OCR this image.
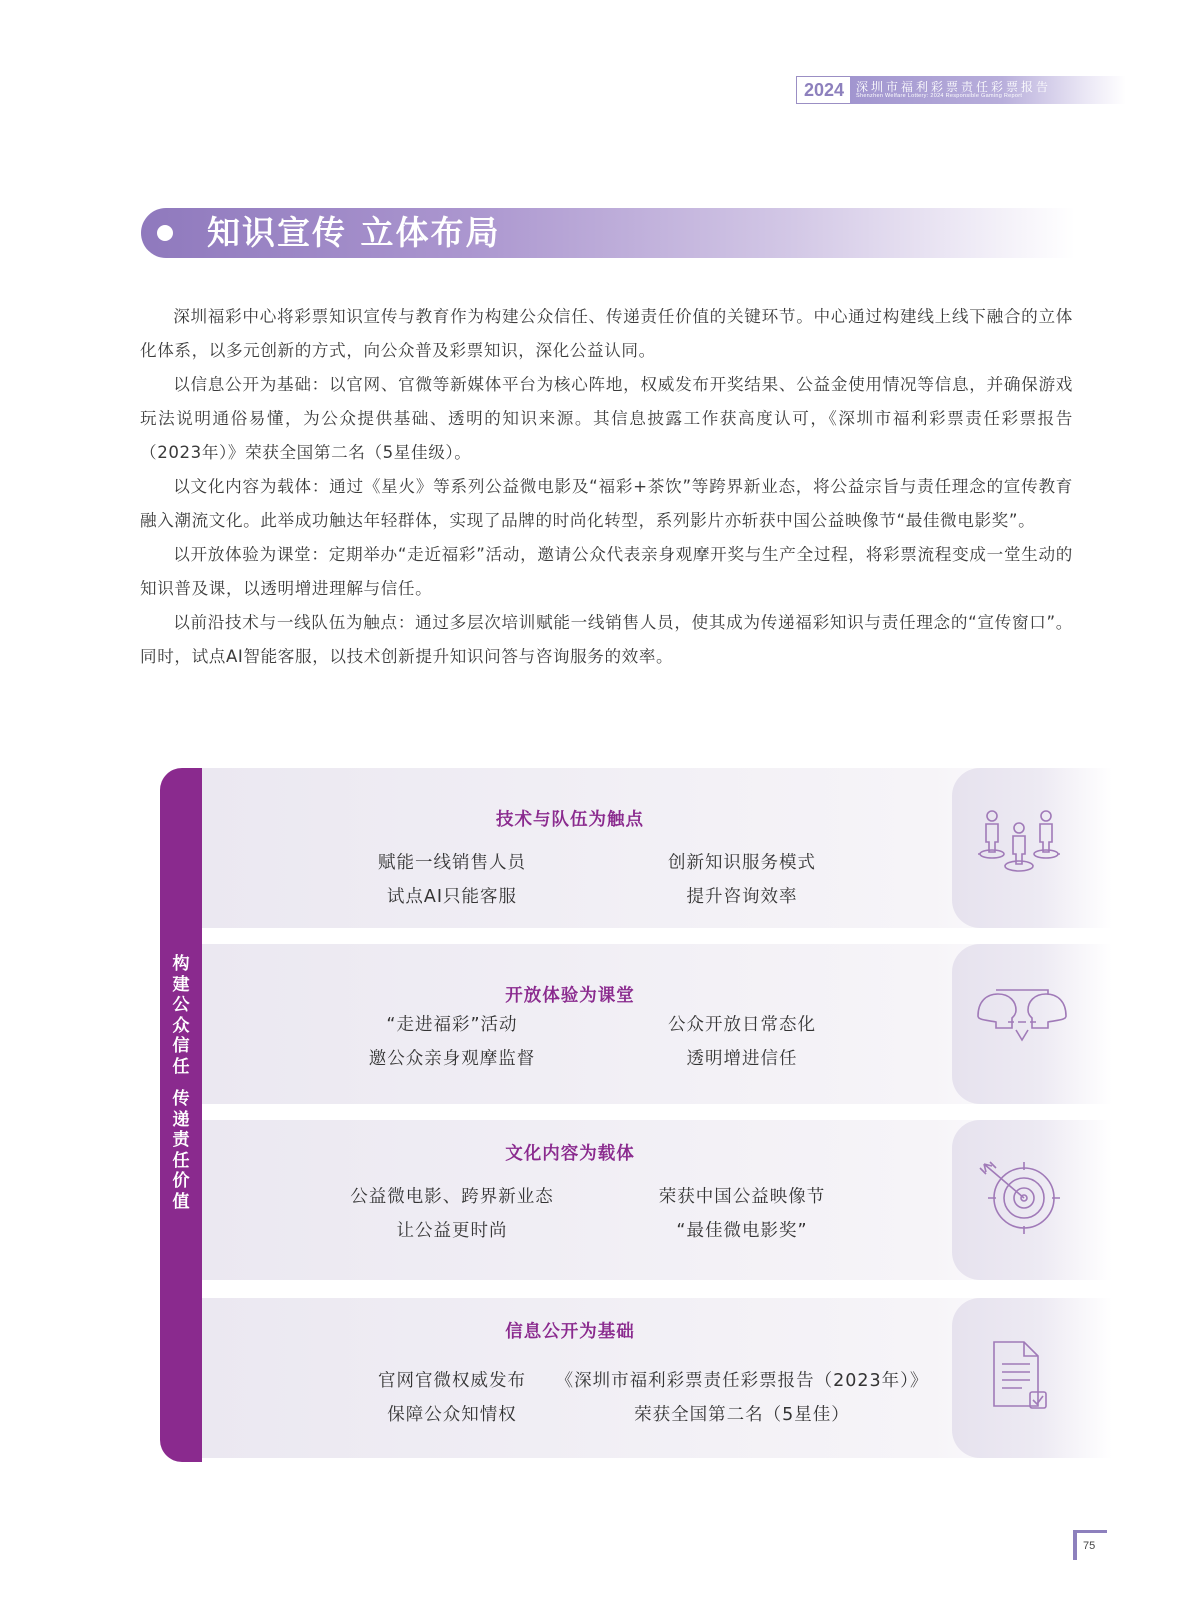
2024 深圳市福利彩票责任彩票报告
Shenzhen Welfare Lottery: 2024 Responsible Gaming Report
知识宣传 立体布局

深圳福彩中心将彩票知识宣传与教育作为构建公众信任、传递责任价值的关键环节。中心通过构建线上线下融合的立体化体系，以多元创新的方式，向公众普及彩票知识，深化公益认同。

以信息公开为基础：以官网、官微等新媒体平台为核心阵地，权威发布开奖结果、公益金使用情况等信息，并确保游戏玩法说明通俗易懂，为公众提供基础、透明的知识来源。其信息披露工作获高度认可，《深圳市福利彩票责任彩票报告（2023年）》荣获全国第二名（5星佳级）。

以文化内容为载体：通过《星火》等系列公益微电影及“福彩+茶饮”等跨界新业态，将公益宗旨与责任理念的宣传教育融入潮流文化。此举成功触达年轻群体，实现了品牌的时尚化转型，系列影片亦斩获中国公益映像节“最佳微电影奖”。

以开放体验为课堂：定期举办“走近福彩”活动，邀请公众代表亲身观摩开奖与生产全过程，将彩票流程变成一堂生动的知识普及课，以透明增进理解与信任。

以前沿技术与一线队伍为触点：通过多层次培训赋能一线销售人员，使其成为传递福彩知识与责任理念的“宣传窗口”。同时，试点AI智能客服，以技术创新提升知识问答与咨询服务的效率。

构
建
公
众
信
任

传
递
责
任
价
值
技术与队伍为触点
赋能一线销售人员
试点AI只能客服
创新知识服务模式
提升咨询效率
开放体验为课堂
“走进福彩”活动
邀公众亲身观摩监督
公众开放日常态化
透明增进信任
文化内容为载体
公益微电影、跨界新业态
让公益更时尚
荣获中国公益映像节
“最佳微电影奖”
信息公开为基础
官网官微权威发布
保障公众知情权
《深圳市福利彩票责任彩票报告（2023年）》
荣获全国第二名（5星佳）
75
